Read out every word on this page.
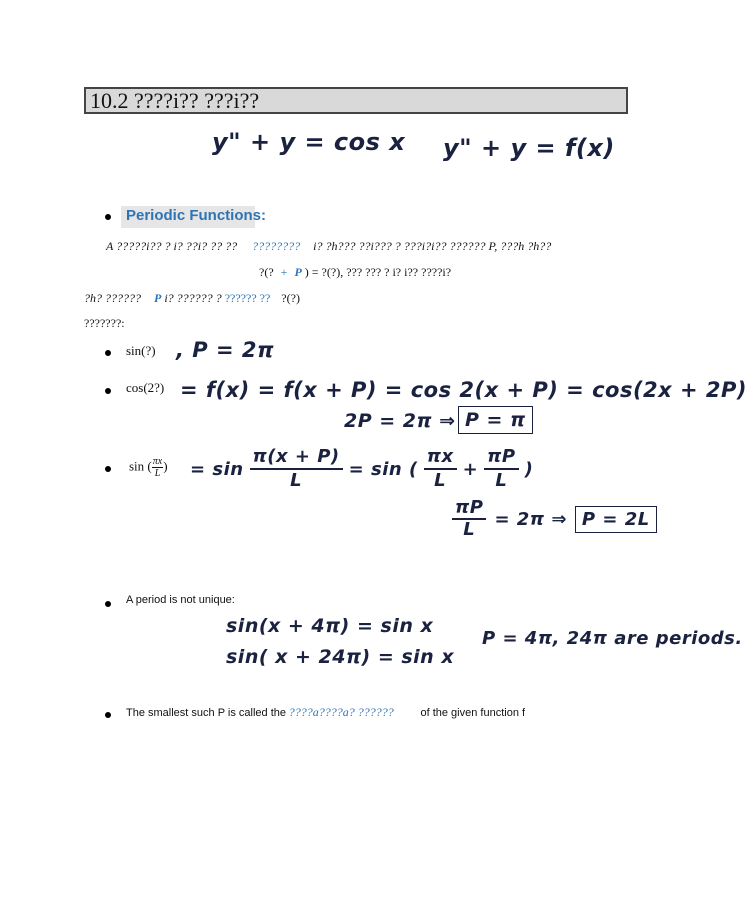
10.2 ????i?? ???i??
y" + y = cos x y" + y = f(x)
Periodic Functions:
A ?????i?? ? i? ??i? ?? ?? ???????? i? ?h??? ??i??? ? ???i?i?? ?????? P, ???h ?h??
?(? + P ) = ?(?), ??? ??? ? i? i?? ????i?
?h? ?????? P i? ?????? ? ?????? ?? ?(?)
???????:
sin(?) , P = 2π
cos(2?) = f(x) = f(x + P) = cos 2(x + P) = cos(2x + 2P)
2P = 2π ⇒ P = π
sin ( $\frac{\pi x}{L}$ ) = $\sin \frac{\pi(x + P)}{L} = \sin$ ( $\frac{\pi x}{L} + \frac{\pi P}{L}$ )
$\frac{\pi P}{L} = 2\pi$ ⇒ P = 2L
A period is not unique:
sin(x + 4π) = sin x
sin( x + 24π) = sin x
P = 4π, 24π are periods.
The smallest such P is called the ????a????a? ?????? of the given function f
